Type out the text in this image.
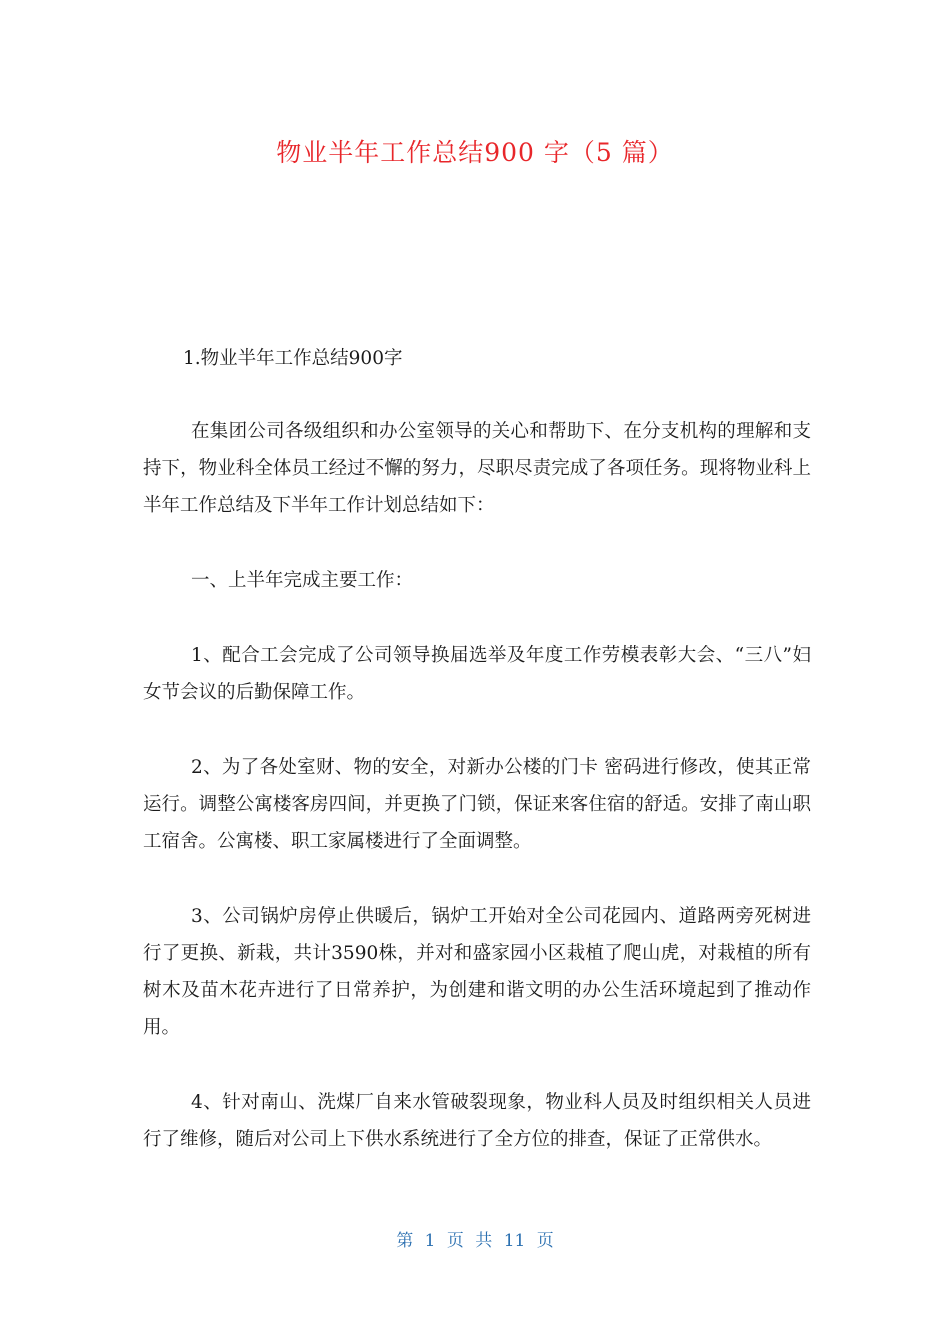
物业半年工作总结900 字（5 篇）

1.物业半年工作总结900字

在集团公司各级组织和办公室领导的关心和帮助下、在分支机构的理解和支持下，物业科全体员工经过不懈的努力，尽职尽责完成了各项任务。现将物业科上半年工作总结及下半年工作计划总结如下：

一、上半年完成主要工作：

1、配合工会完成了公司领导换届选举及年度工作劳模表彰大会、“三八”妇女节会议的后勤保障工作。

2、为了各处室财、物的安全，对新办公楼的门卡 密码进行修改，使其正常运行。调整公寓楼客房四间，并更换了门锁，保证来客住宿的舒适。安排了南山职工宿舍。公寓楼、职工家属楼进行了全面调整。

3、公司锅炉房停止供暖后，锅炉工开始对全公司花园内、道路两旁死树进行了更换、新栽，共计3590株，并对和盛家园小区栽植了爬山虎，对栽植的所有树木及苗木花卉进行了日常养护，为创建和谐文明的办公生活环境起到了推动作用。

4、针对南山、洗煤厂自来水管破裂现象，物业科人员及时组织相关人员进行了维修，随后对公司上下供水系统进行了全方位的排查，保证了正常供水。

第 1 页 共 11 页
